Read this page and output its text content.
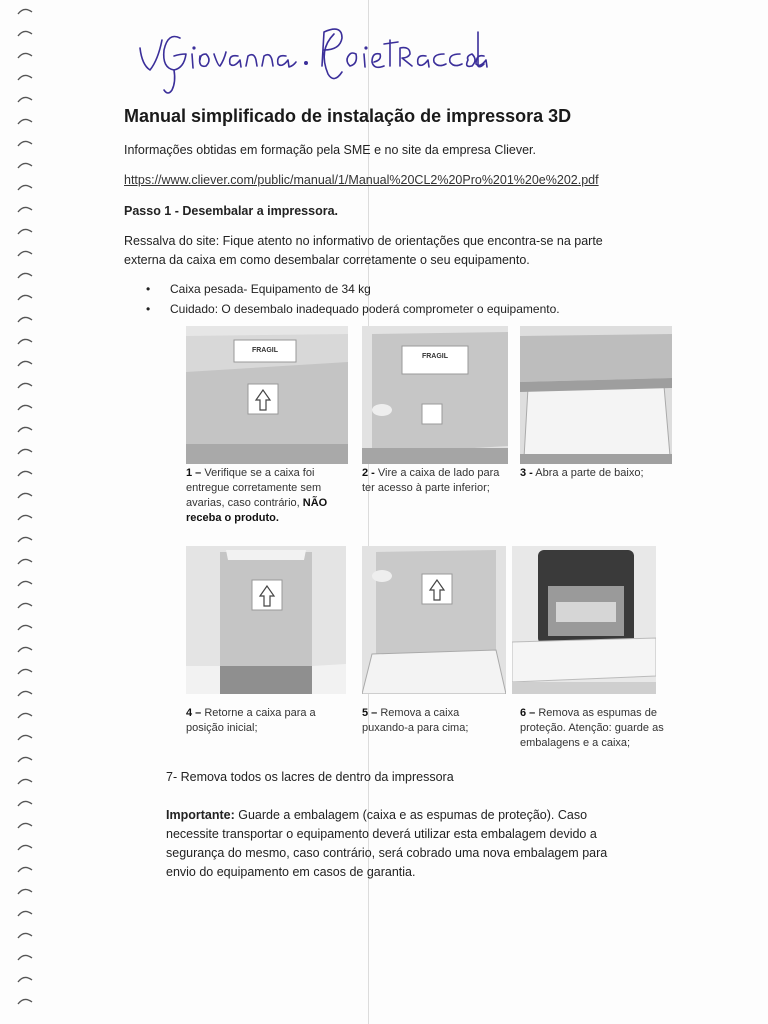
Manual simplificado de instalação de impressora 3D
Informações obtidas em formação pela SME e no site da empresa Cliever.
https://www.cliever.com/public/manual/1/Manual%20CL2%20Pro%201%20e%202.pdf
Passo 1 - Desembalar a impressora.
Ressalva do site: Fique atento no informativo de orientações que encontra-se na parte externa da caixa em como desembalar corretamente o seu equipamento.
• Caixa pesada- Equipamento de 34 kg
• Cuidado: O desembalo inadequado poderá comprometer o equipamento.
FRAGIL
FRAGIL
1 – Verifique se a caixa foi entregue corretamente sem avarias, caso contrário, NÃO receba o produto.
2 - Vire a caixa de lado para ter acesso à parte inferior;
3 - Abra a parte de baixo;
4 – Retorne a caixa para a posição inicial;
5 – Remova a caixa puxando-a para cima;
6 – Remova as espumas de proteção. Atenção: guarde as embalagens e a caixa;
7- Remova todos os lacres de dentro da impressora
Importante: Guarde a embalagem (caixa e as espumas de proteção). Caso necessite transportar o equipamento deverá utilizar esta embalagem devido a segurança do mesmo, caso contrário, será cobrado uma nova embalagem para envio do equipamento em casos de garantia.
